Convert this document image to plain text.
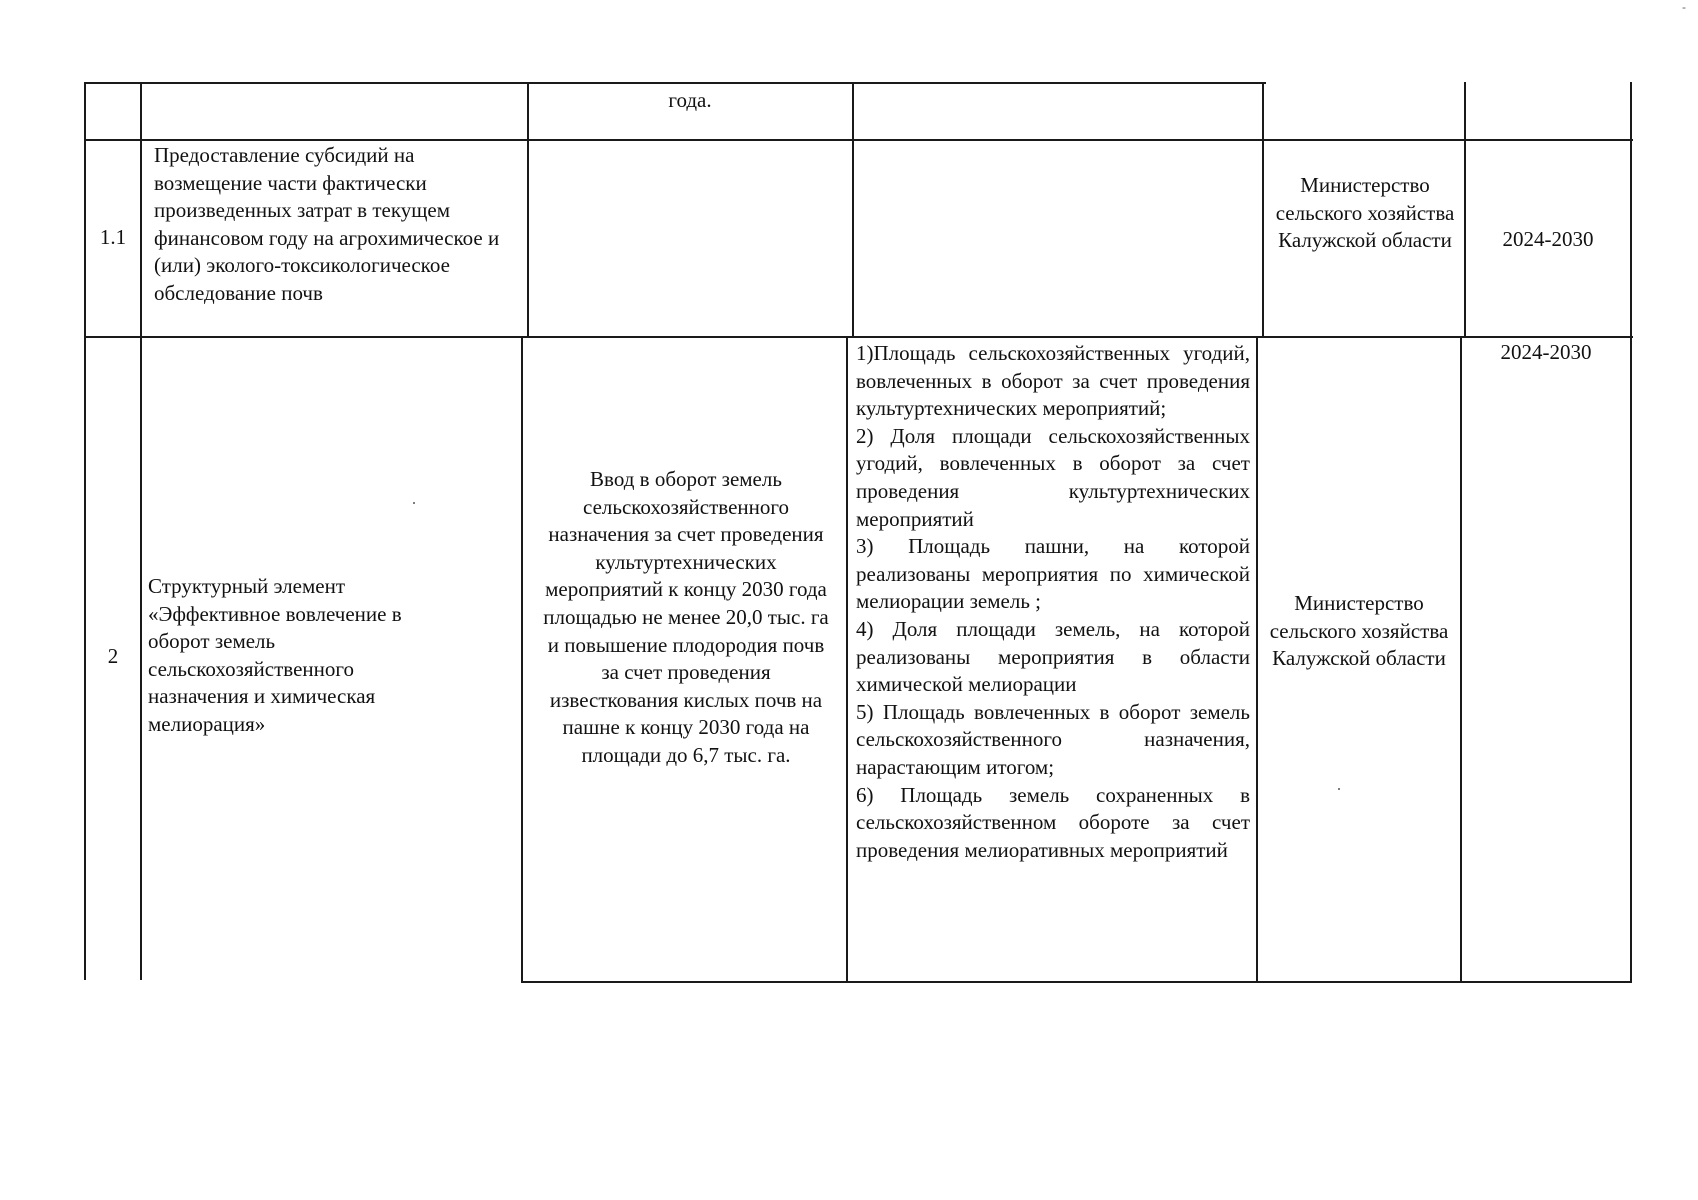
-
года.
1.1
Предоставление субсидий на возмещение части фактически произведенных затрат в текущем финансовом году на агрохимическое и (или) эколого-токсикологическое обследование почв
Министерство сельского хозяйства Калужской области	2024-2030
2
Структурный элемент «Эффективное вовлечение в оборот земель сельскохозяйственного назначения и химическая мелиорация»
Ввод в оборот земель сельскохозяйственного назначения за счет проведения культуртехнических мероприятий к концу 2030 года площадью не менее 20,0 тыс. га и повышение плодородия почв за счет проведения известкования кислых почв на пашне к концу 2030 года на площади до 6,7 тыс. га.

1)Площадь сельскохозяйственных угодий, вовлеченных в оборот за счет проведения культуртехнических мероприятий;

2) Доля площади сельскохозяйственных угодий, вовлеченных в оборот за счет проведения культуртехнических мероприятий

3) Площадь пашни, на которой реализованы мероприятия по химической мелиорации земель ;

4) Доля площади земель, на которой реализованы мероприятия в области химической мелиорации

5) Площадь вовлеченных в оборот земель сельскохозяйственного назначения, нарастающим итогом;

6) Площадь земель сохраненных в сельскохозяйственном обороте за счет проведения мелиоративных мероприятий

Министерство сельского хозяйства Калужской области
2024-2030
